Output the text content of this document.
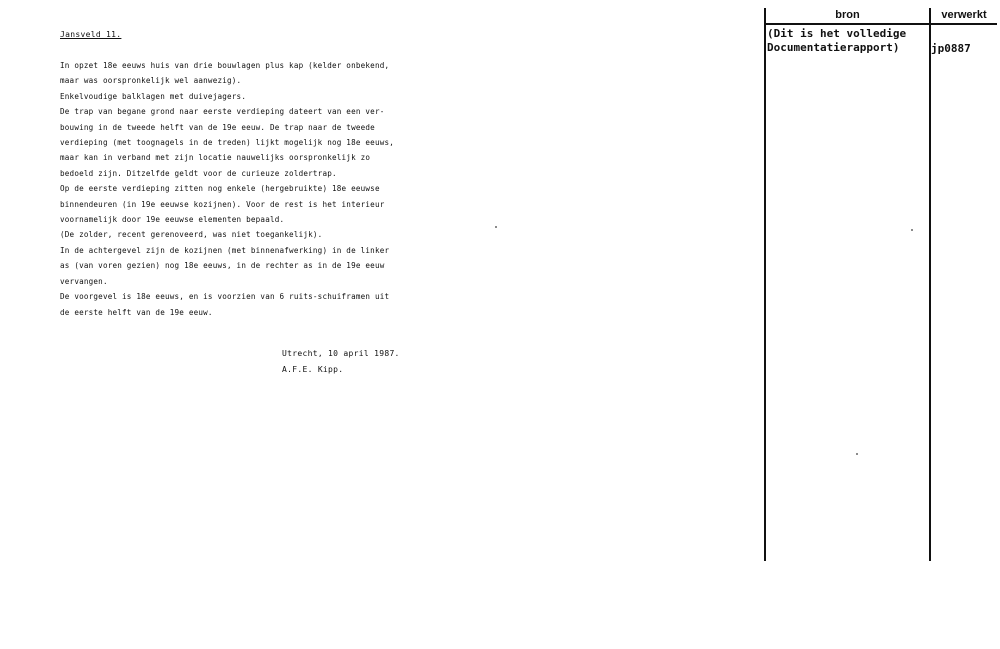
Jansveld 11.
In opzet 18e eeuws huis van drie bouwlagen plus kap (kelder onbekend,
maar was oorspronkelijk wel aanwezig).
Enkelvoudige balklagen met duivejagers.
De trap van begane grond naar eerste verdieping dateert van een ver-
bouwing in de tweede helft van de 19e eeuw. De trap naar de tweede
verdieping (met toognagels in de treden) lijkt mogelijk nog 18e eeuws,
maar kan in verband met zijn locatie nauwelijks oorspronkelijk zo
bedoeld zijn. Ditzelfde geldt voor de curieuze zoldertrap.
Op de eerste verdieping zitten nog enkele (hergebruikte) 18e eeuwse
binnendeuren (in 19e eeuwse kozijnen). Voor de rest is het interieur
voornamelijk door 19e eeuwse elementen bepaald.
(De zolder, recent gerenoveerd, was niet toegankelijk).
In de achtergevel zijn de kozijnen (met binnenafwerking) in de linker
as (van voren gezien) nog 18e eeuws, in de rechter as in de 19e eeuw
vervangen.
De voorgevel is 18e eeuws, en is voorzien van 6 ruits-schuiframen uit
de eerste helft van de 19e eeuw.
Utrecht, 10 april 1987.
A.F.E. Kipp.
bron	verwerkt
(Dit is het volledige
Documentatierapport)	jp0887
